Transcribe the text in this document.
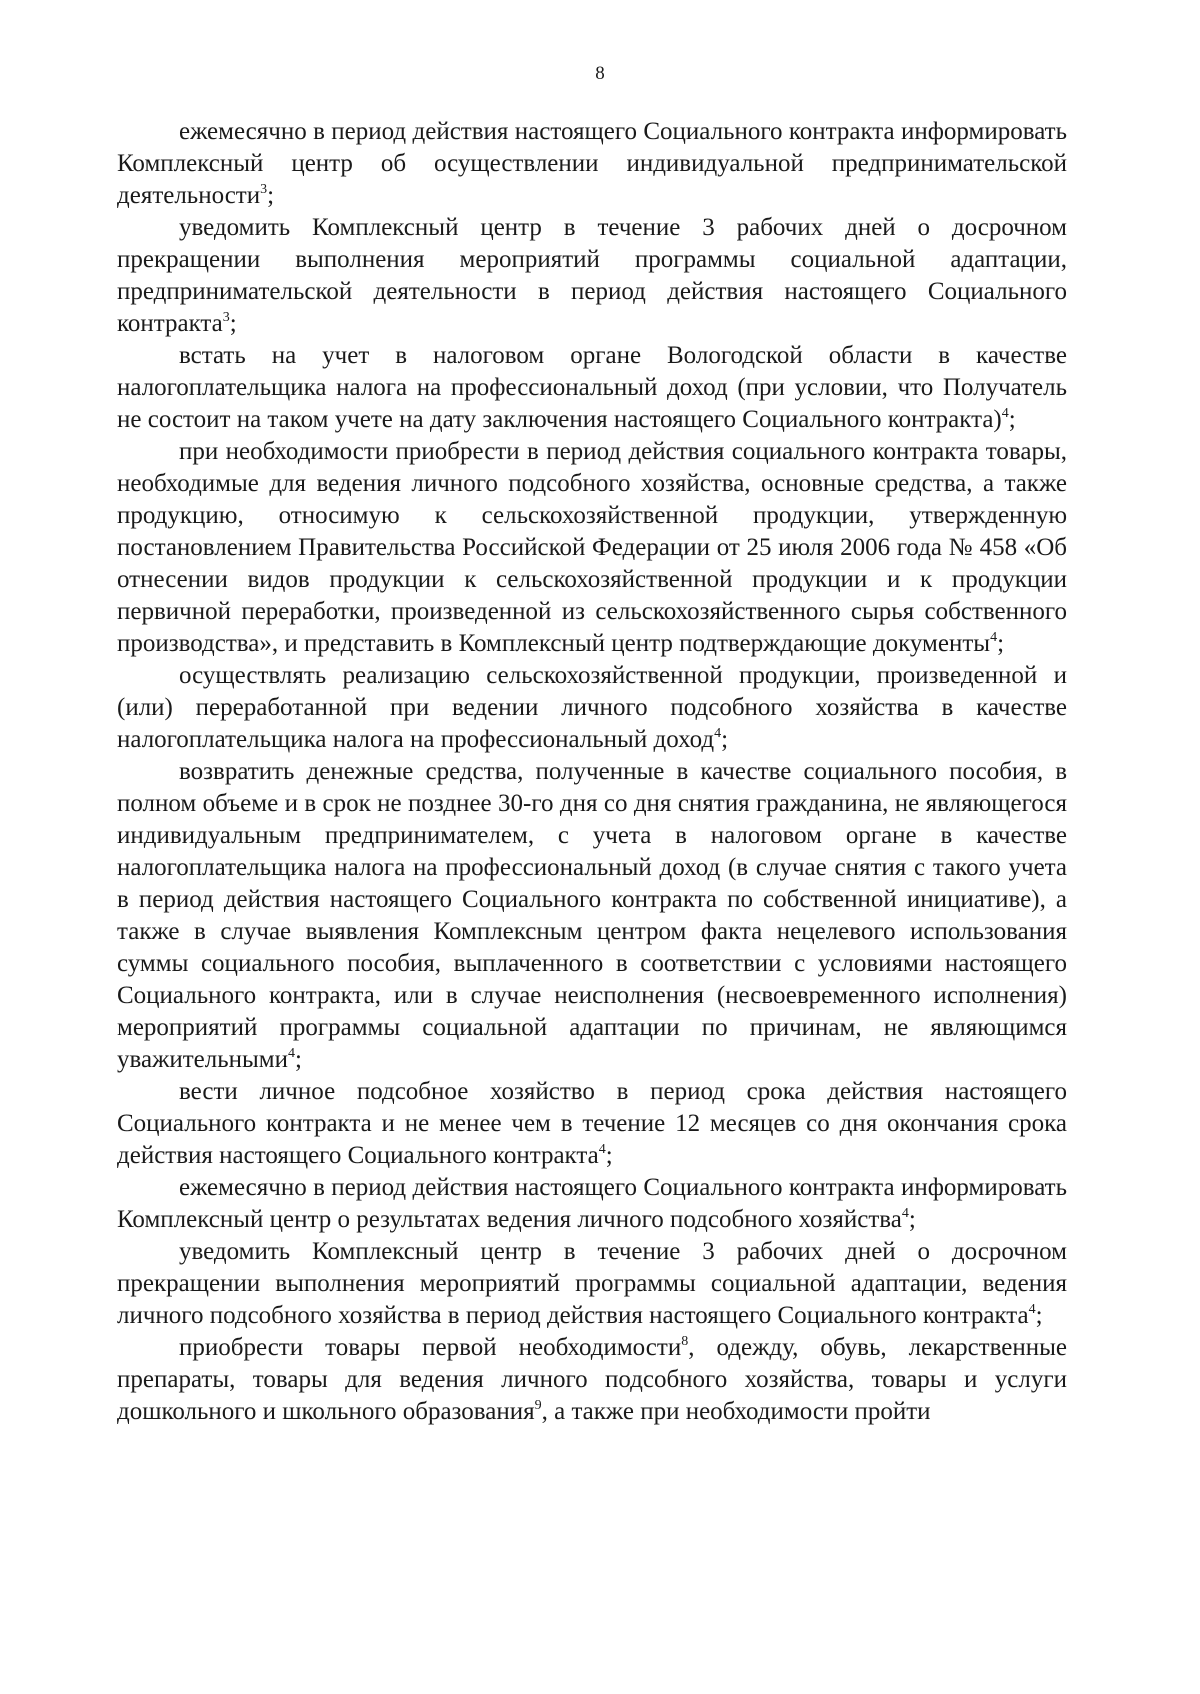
8

ежемесячно в период действия настоящего Социального контракта информировать Комплексный центр об осуществлении индивидуальной предпринимательской деятельности$^3$;

уведомить Комплексный центр в течение 3 рабочих дней о досрочном прекращении выполнения мероприятий программы социальной адаптации, предпринимательской деятельности в период действия настоящего Социального контракта$^3$;

встать на учет в налоговом органе Вологодской области в качестве налогоплательщика налога на профессиональный доход (при условии, что Получатель не состоит на таком учете на дату заключения настоящего Социального контракта)$^4$;

при необходимости приобрести в период действия социального контракта товары, необходимые для ведения личного подсобного хозяйства, основные средства, а также продукцию, относимую к сельскохозяйственной продукции, утвержденную постановлением Правительства Российской Федерации от 25 июля 2006 года № 458 «Об отнесении видов продукции к сельскохозяйственной продукции и к продукции первичной переработки, произведенной из сельскохозяйственного сырья собственного производства», и представить в Комплексный центр подтверждающие документы$^4$;

осуществлять реализацию сельскохозяйственной продукции, произведенной и (или) переработанной при ведении личного подсобного хозяйства в качестве налогоплательщика налога на профессиональный доход$^4$;

возвратить денежные средства, полученные в качестве социального пособия, в полном объеме и в срок не позднее 30-го дня со дня снятия гражданина, не являющегося индивидуальным предпринимателем, с учета в налоговом органе в качестве налогоплательщика налога на профессиональный доход (в случае снятия с такого учета в период действия настоящего Социального контракта по собственной инициативе), а также в случае выявления Комплексным центром факта нецелевого использования суммы социального пособия, выплаченного в соответствии с условиями настоящего Социального контракта, или в случае неисполнения (несвоевременного исполнения) мероприятий программы социальной адаптации по причинам, не являющимся уважительными$^4$;

вести личное подсобное хозяйство в период срока действия настоящего Социального контракта и не менее чем в течение 12 месяцев со дня окончания срока действия настоящего Социального контракта$^4$;

ежемесячно в период действия настоящего Социального контракта информировать Комплексный центр о результатах ведения личного подсобного хозяйства$^4$;

уведомить Комплексный центр в течение 3 рабочих дней о досрочном прекращении выполнения мероприятий программы социальной адаптации, ведения личного подсобного хозяйства в период действия настоящего Социального контракта$^4$;

приобрести товары первой необходимости$^8$, одежду, обувь, лекарственные препараты, товары для ведения личного подсобного хозяйства, товары и услуги дошкольного и школьного образования$^9$, а также при необходимости пройти
